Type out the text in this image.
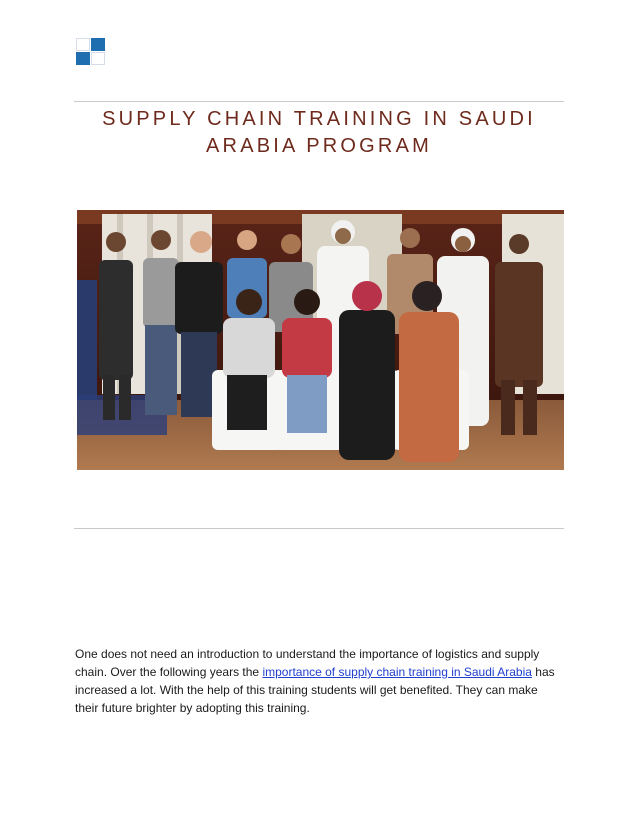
SUPPLY CHAIN TRAINING IN SAUDI ARABIA PROGRAM

One does not need an introduction to understand the importance of logistics and supply chain. Over the following years the importance of supply chain training in Saudi Arabia has increased a lot. With the help of this training students will get benefited. They can make their future brighter by adopting this training.
